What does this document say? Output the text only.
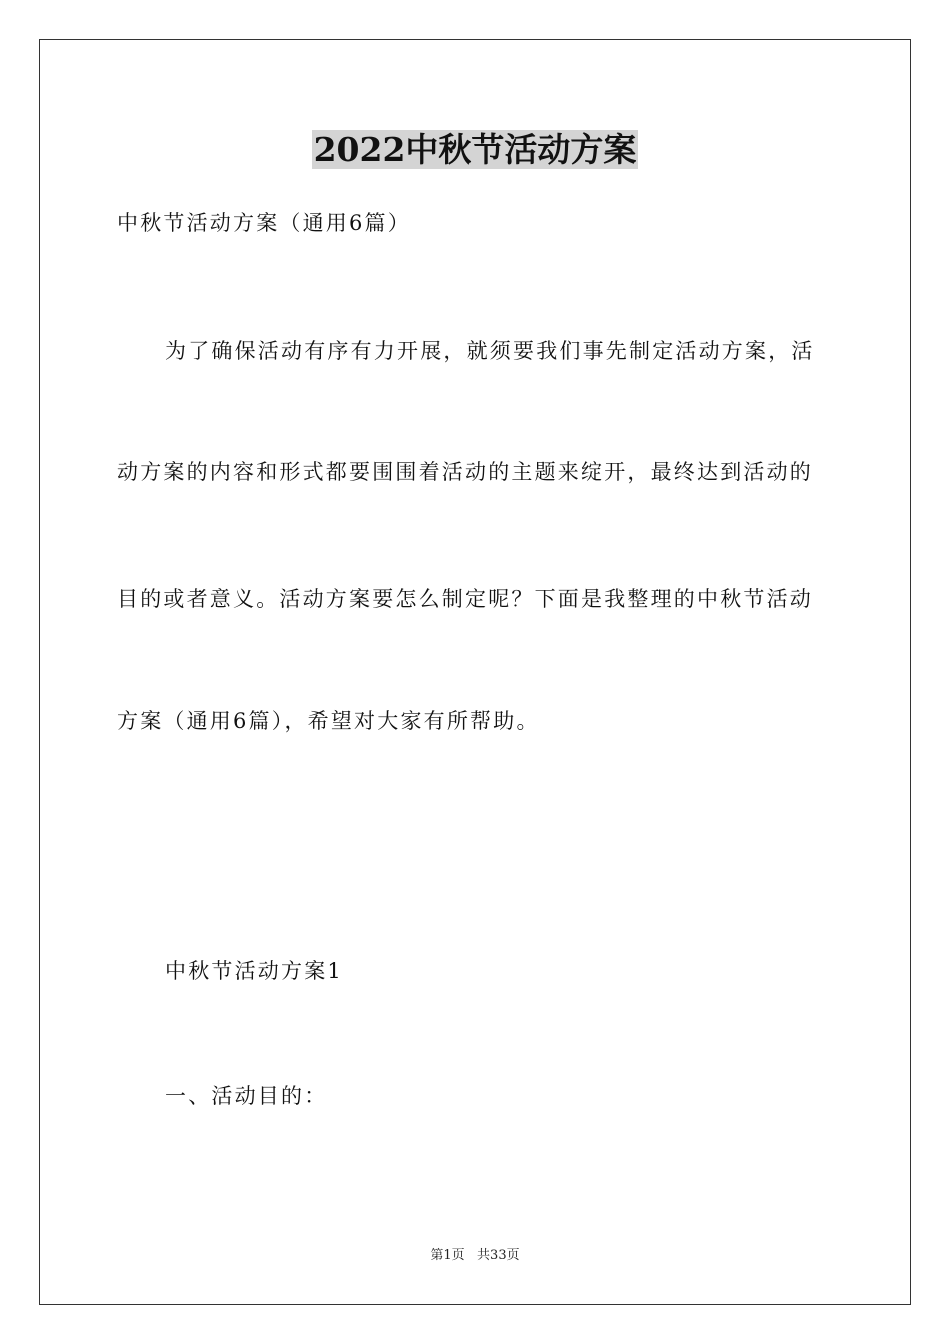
2022中秋节活动方案
中秋节活动方案（通用6篇）
为了确保活动有序有力开展，就须要我们事先制定活动方案，活
动方案的内容和形式都要围围着活动的主题来绽开，最终达到活动的
目的或者意义。活动方案要怎么制定呢？下面是我整理的中秋节活动
方案（通用6篇），希望对大家有所帮助。
中秋节活动方案1
一、活动目的：
第1页   共33页
